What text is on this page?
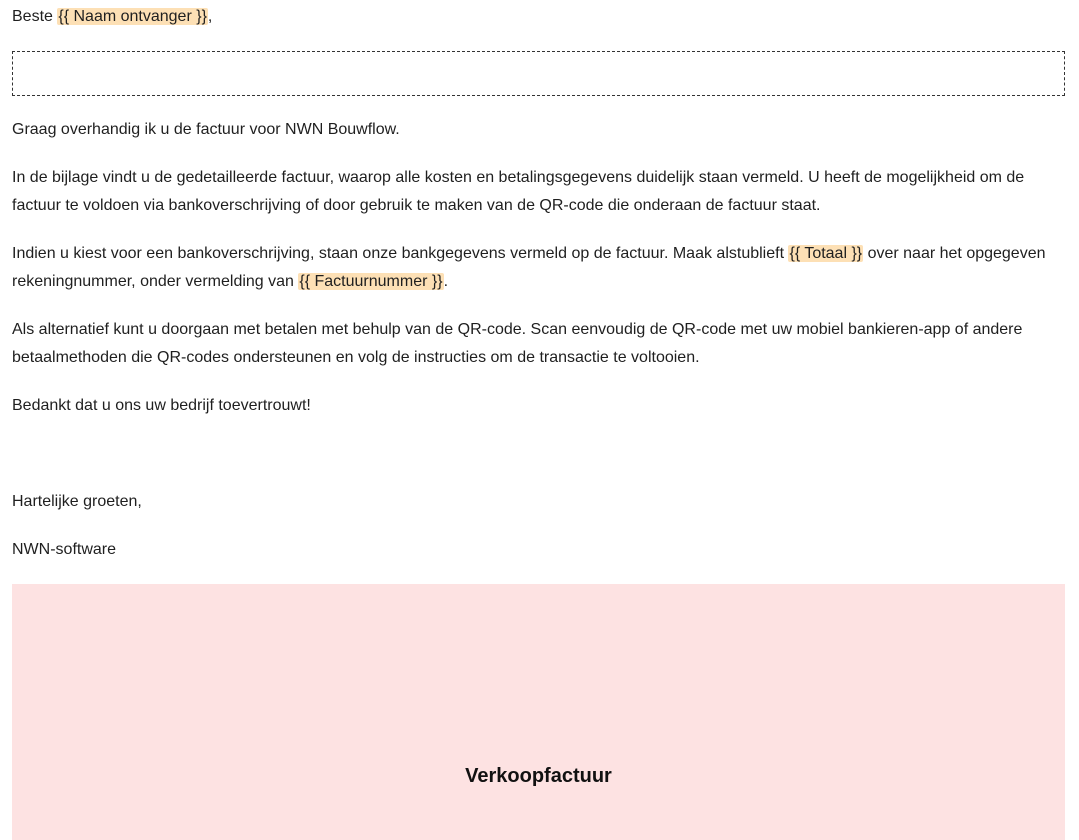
Beste {{ Naam ontvanger }},
Graag overhandig ik u de factuur voor NWN Bouwflow.
In de bijlage vindt u de gedetailleerde factuur, waarop alle kosten en betalingsgegevens duidelijk staan vermeld. U heeft de mogelijkheid om de factuur te voldoen via bankoverschrijving of door gebruik te maken van de QR-code die onderaan de factuur staat.
Indien u kiest voor een bankoverschrijving, staan onze bankgegevens vermeld op de factuur. Maak alstublieft {{ Totaal }} over naar het opgegeven rekeningnummer, onder vermelding van {{ Factuurnummer }}.
Als alternatief kunt u doorgaan met betalen met behulp van de QR-code. Scan eenvoudig de QR-code met uw mobiel bankieren-app of andere betaalmethoden die QR-codes ondersteunen en volg de instructies om de transactie te voltooien.
Bedankt dat u ons uw bedrijf toevertrouwt!
Hartelijke groeten,
NWN-software
Verkoopfactuur
